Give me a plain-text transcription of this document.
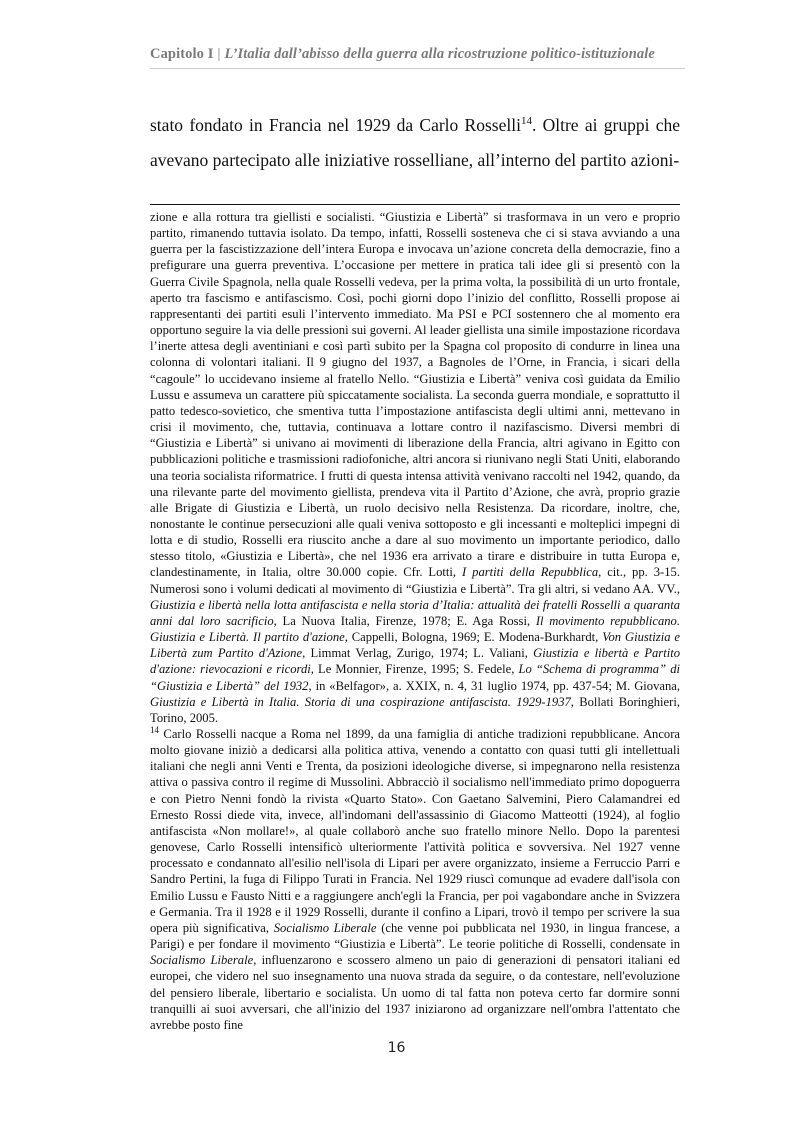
Capitolo I | L’Italia dall’abisso della guerra alla ricostruzione politico-istituzionale

stato fondato in Francia nel 1929 da Carlo Rosselli$^{14}$. Oltre ai gruppi che avevano partecipato alle iniziative rosselliane, all’interno del partito azioni-

zione e alla rottura tra giellisti e socialisti. “Giustizia e Libertà” si trasformava in un vero e proprio partito, rimanendo tuttavia isolato. Da tempo, infatti, Rosselli sosteneva che ci si stava avviando a una guerra per la fascistizzazione dell’intera Europa e invocava un’azione concreta della democrazie, fino a prefigurare una guerra preventiva. L’occasione per mettere in pratica tali idee gli si presentò con la Guerra Civile Spagnola, nella quale Rosselli vedeva, per la prima volta, la possibilità di un urto frontale, aperto tra fascismo e antifascismo. Così, pochi giorni dopo l’inizio del conflitto, Rosselli propose ai rappresentanti dei partiti esuli l’intervento immediato. Ma PSI e PCI sostennero che al momento era opportuno seguire la via delle pressioni sui governi. Al leader giellista una simile impostazione ricordava l’inerte attesa degli aventiniani e così partì subito per la Spagna col proposito di condurre in linea una colonna di volontari italiani. Il 9 giugno del 1937, a Bagnoles de l’Orne, in Francia, i sicari della “cagoule” lo uccidevano insieme al fratello Nello. “Giustizia e Libertà” veniva così guidata da Emilio Lussu e assumeva un carattere più spiccatamente socialista. La seconda guerra mondiale, e soprattutto il patto tedesco-sovietico, che smentiva tutta l’impostazione antifascista degli ultimi anni, mettevano in crisi il movimento, che, tuttavia, continuava a lottare contro il nazifascismo. Diversi membri di “Giustizia e Libertà” si univano ai movimenti di liberazione della Francia, altri agivano in Egitto con pubblicazioni politiche e trasmissioni radiofoniche, altri ancora si riunivano negli Stati Uniti, elaborando una teoria socialista riformatrice. I frutti di questa intensa attività venivano raccolti nel 1942, quando, da una rilevante parte del movimento giellista, prendeva vita il Partito d’Azione, che avrà, proprio grazie alle Brigate di Giustizia e Libertà, un ruolo decisivo nella Resistenza. Da ricordare, inoltre, che, nonostante le continue persecuzioni alle quali veniva sottoposto e gli incessanti e molteplici impegni di lotta e di studio, Rosselli era riuscito anche a dare al suo movimento un importante periodico, dallo stesso titolo, «Giustizia e Libertà», che nel 1936 era arrivato a tirare e distribuire in tutta Europa e, clandestinamente, in Italia, oltre 30.000 copie. Cfr. Lotti, I partiti della Repubblica, cit., pp. 3-15. Numerosi sono i volumi dedicati al movimento di “Giustizia e Libertà”. Tra gli altri, si vedano AA. VV., Giustizia e libertà nella lotta antifascista e nella storia d’Italia: attualità dei fratelli Rosselli a quaranta anni dal loro sacrificio, La Nuova Italia, Firenze, 1978; E. Aga Rossi, Il movimento repubblicano. Giustizia e Libertà. Il partito d'azione, Cappelli, Bologna, 1969; E. Modena-Burkhardt, Von Giustizia e Libertà zum Partito d'Azione, Limmat Verlag, Zurigo, 1974; L. Valiani, Giustizia e libertà e Partito d'azione: rievocazioni e ricordi, Le Monnier, Firenze, 1995; S. Fedele, Lo “Schema di programma” di “Giustizia e Libertà” del 1932, in «Belfagor», a. XXIX, n. 4, 31 luglio 1974, pp. 437-54; M. Giovana, Giustizia e Libertà in Italia. Storia di una cospirazione antifascista. 1929-1937, Bollati Boringhieri, Torino, 2005.

$^{14}$ Carlo Rosselli nacque a Roma nel 1899, da una famiglia di antiche tradizioni repubblicane. Ancora molto giovane iniziò a dedicarsi alla politica attiva, venendo a contatto con quasi tutti gli intellettuali italiani che negli anni Venti e Trenta, da posizioni ideologiche diverse, si impegnarono nella resistenza attiva o passiva contro il regime di Mussolini. Abbracciò il socialismo nell'immediato primo dopoguerra e con Pietro Nenni fondò la rivista «Quarto Stato». Con Gaetano Salvemini, Piero Calamandrei ed Ernesto Rossi diede vita, invece, all'indomani dell'assassinio di Giacomo Matteotti (1924), al foglio antifascista «Non mollare!», al quale collaborò anche suo fratello minore Nello. Dopo la parentesi genovese, Carlo Rosselli intensificò ulteriormente l'attività politica e sovversiva. Nel 1927 venne processato e condannato all'esilio nell'isola di Lipari per avere organizzato, insieme a Ferruccio Parri e Sandro Pertini, la fuga di Filippo Turati in Francia. Nel 1929 riuscì comunque ad evadere dall'isola con Emilio Lussu e Fausto Nitti e a raggiungere anch'egli la Francia, per poi vagabondare anche in Svizzera e Germania. Tra il 1928 e il 1929 Rosselli, durante il confino a Lipari, trovò il tempo per scrivere la sua opera più significativa, Socialismo Liberale (che venne poi pubblicata nel 1930, in lingua francese, a Parigi) e per fondare il movimento “Giustizia e Libertà”. Le teorie politiche di Rosselli, condensate in Socialismo Liberale, influenzarono e scossero almeno un paio di generazioni di pensatori italiani ed europei, che videro nel suo insegnamento una nuova strada da seguire, o da contestare, nell'evoluzione del pensiero liberale, libertario e socialista. Un uomo di tal fatta non poteva certo far dormire sonni tranquilli ai suoi avversari, che all'inizio del 1937 iniziarono ad organizzare nell'ombra l'attentato che avrebbe posto fine

16
